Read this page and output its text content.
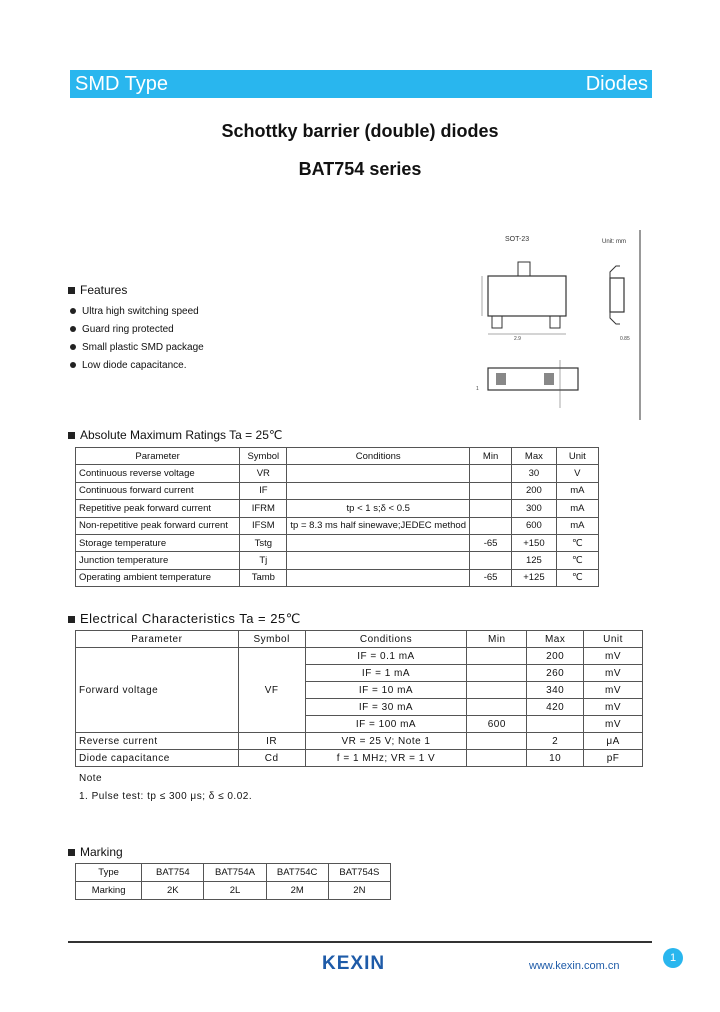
SMD Type	Diodes
Schottky barrier (double) diodes
BAT754 series
SOT-23	Unit: mm
2.9	0.85
1
Features
Ultra high switching speed
Guard ring protected
Small plastic SMD package
Low diode capacitance.
Absolute Maximum Ratings Ta = 25℃
Parameter	Symbol	Conditions	Min	Max	Unit
Continuous reverse voltage	VR			30	V
Continuous forward current	IF			200	mA
Repetitive peak forward current	IFRM	tp < 1 s;δ < 0.5		300	mA
Non-repetitive peak forward current	IFSM	tp = 8.3 ms half sinewave;JEDEC method		600	mA
Storage temperature	Tstg		-65	+150	℃
Junction temperature	Tj			125	℃
Operating ambient temperature	Tamb		-65	+125	℃
Electrical Characteristics Ta = 25℃
Parameter	Symbol	Conditions	Min	Max	Unit
Forward voltage	VF	IF = 0.1 mA		200	mV
		IF = 1 mA		260	mV
		IF = 10 mA		340	mV
		IF = 30 mA		420	mV
		IF = 100 mA	600		mV
Reverse current	IR	VR = 25 V; Note 1		2	μA
Diode capacitance	Cd	f = 1 MHz; VR = 1 V		10	pF
Note
1. Pulse test: tp ≤ 300 μs; δ ≤ 0.02.
Marking
Type	BAT754	BAT754A	BAT754C	BAT754S
Marking	2K	2L	2M	2N
KEXIN	www.kexin.com.cn
1
